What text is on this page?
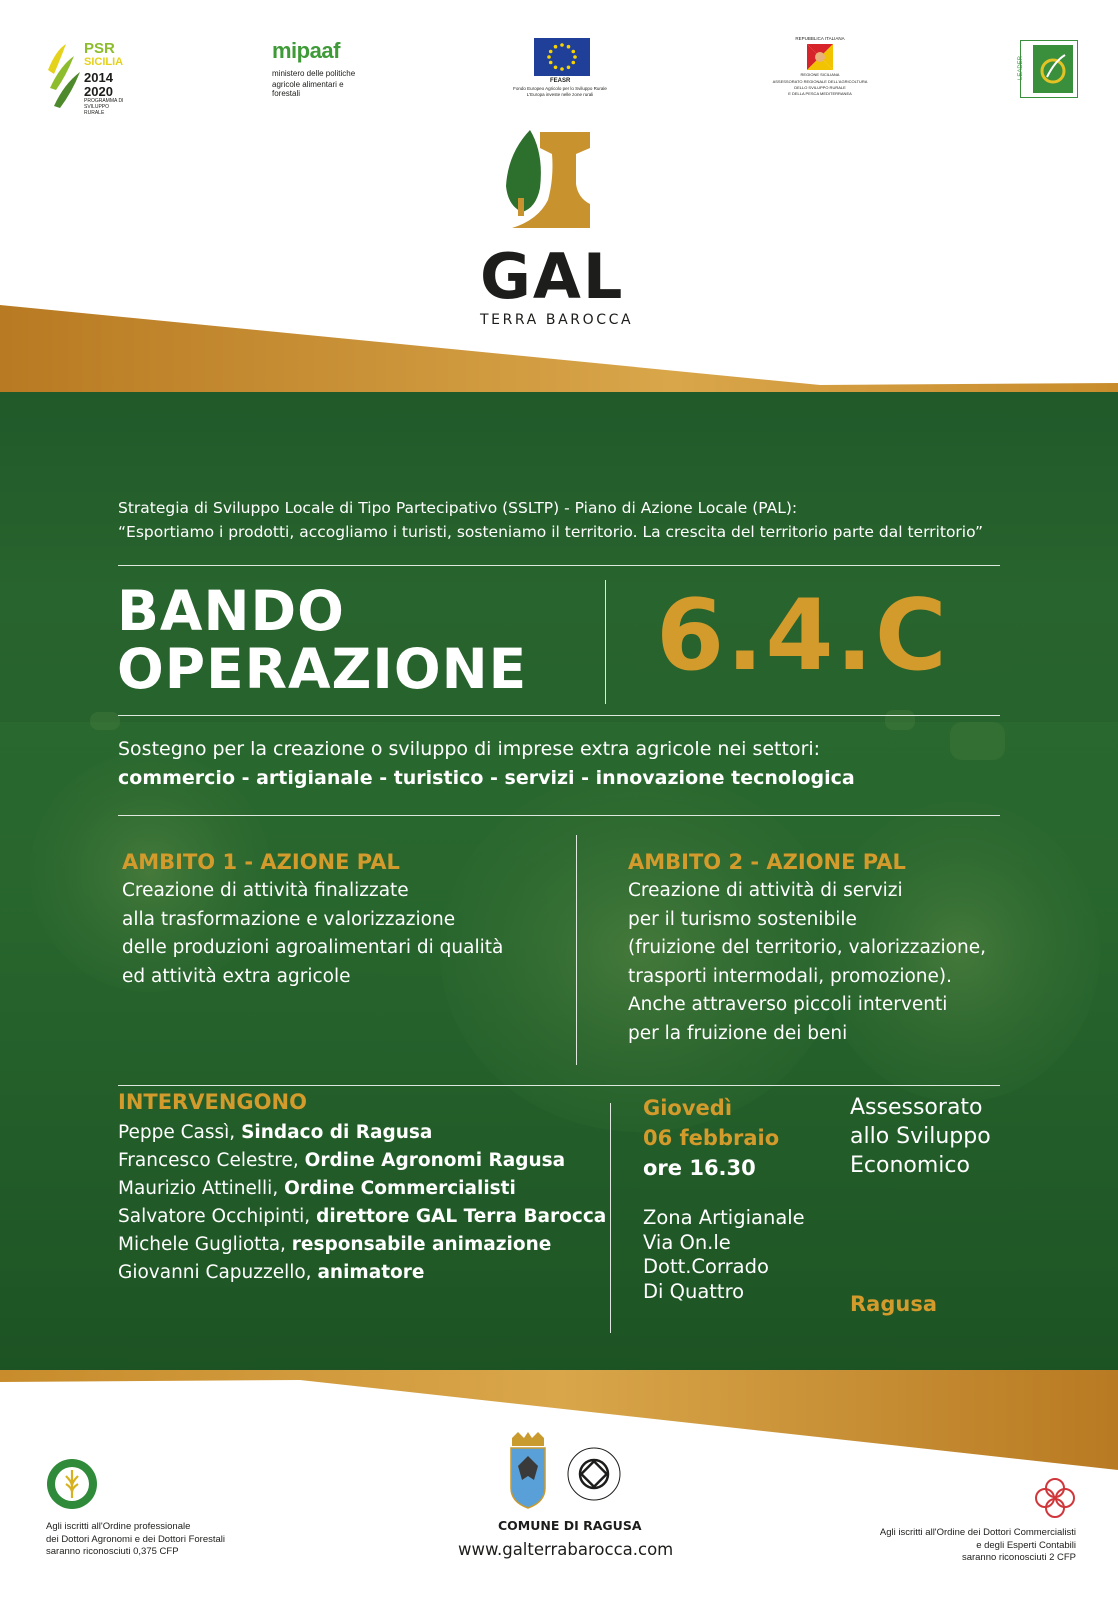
PSR
SICILIA
2014
2020
PROGRAMMA DI
SVILUPPO RURALE
mipaaf
ministero delle politiche
agricole alimentari e forestali
FEASR
Fondo Europeo Agricolo per lo Sviluppo Rurale
L'Europa investe nelle zone rurali
REPUBBLICA ITALIANA
REGIONE SICILIANA
ASSESSORATO REGIONALE DELL'AGRICOLTURA
DELLO SVILUPPO RURALE
E DELLA PESCA MEDITERRANEA
LEADER
GAL
TERRA BAROCCA
Strategia di Sviluppo Locale di Tipo Partecipativo (SSLTP) - Piano di Azione Locale (PAL):
“Esportiamo i prodotti, accogliamo i turisti, sosteniamo il territorio. La crescita del territorio parte dal territorio”
BANDO
OPERAZIONE 6.4.C
Sostegno per la creazione o sviluppo di imprese extra agricole nei settori:
commercio - artigianale - turistico - servizi - innovazione tecnologica
AMBITO 1 - AZIONE PAL
Creazione di attività finalizzate
alla trasformazione e valorizzazione
delle produzioni agroalimentari di qualità
ed attività extra agricole
AMBITO 2 - AZIONE PAL
Creazione di attività di servizi
per il turismo sostenibile
(fruizione del territorio, valorizzazione,
trasporti intermodali, promozione).
Anche attraverso piccoli interventi
per la fruizione dei beni
INTERVENGONO
Peppe Cassì, Sindaco di Ragusa
Francesco Celestre, Ordine Agronomi Ragusa
Maurizio Attinelli, Ordine Commercialisti
Salvatore Occhipinti, direttore GAL Terra Barocca
Michele Gugliotta, responsabile animazione
Giovanni Capuzzello, animatore
Giovedì
06 febbraio
ore 16.30
Zona Artigianale
Via On.le
Dott.Corrado
Di Quattro
Assessorato
allo Sviluppo
Economico
Ragusa
Agli iscritti all'Ordine professionale
dei Dottori Agronomi e dei Dottori Forestali
saranno riconosciuti 0,375 CFP
COMUNE DI RAGUSA
www.galterrabarocca.com
Agli iscritti all'Ordine dei Dottori Commercialisti
e degli Esperti Contabili
saranno riconosciuti 2 CFP
